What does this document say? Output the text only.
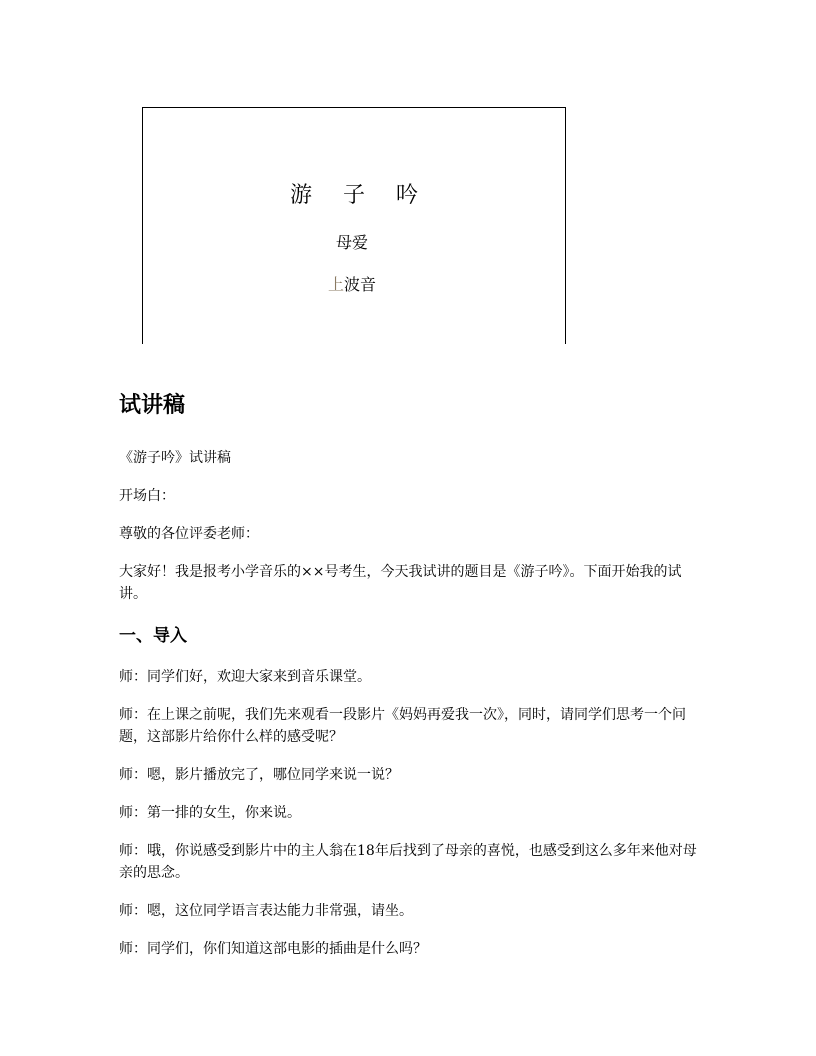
游 子 吟
母爱
上波音
试讲稿

《游子吟》试讲稿

开场白：

尊敬的各位评委老师：

大家好！我是报考小学音乐的××号考生，今天我试讲的题目是《游子吟》。下面开始我的试讲。

一、导入

师：同学们好，欢迎大家来到音乐课堂。

师：在上课之前呢，我们先来观看一段影片《妈妈再爱我一次》，同时，请同学们思考一个问题，这部影片给你什么样的感受呢？

师：嗯，影片播放完了，哪位同学来说一说？

师：第一排的女生，你来说。

师：哦，你说感受到影片中的主人翁在18年后找到了母亲的喜悦，也感受到这么多年来他对母亲的思念。

师：嗯，这位同学语言表达能力非常强，请坐。

师：同学们，你们知道这部电影的插曲是什么吗？
